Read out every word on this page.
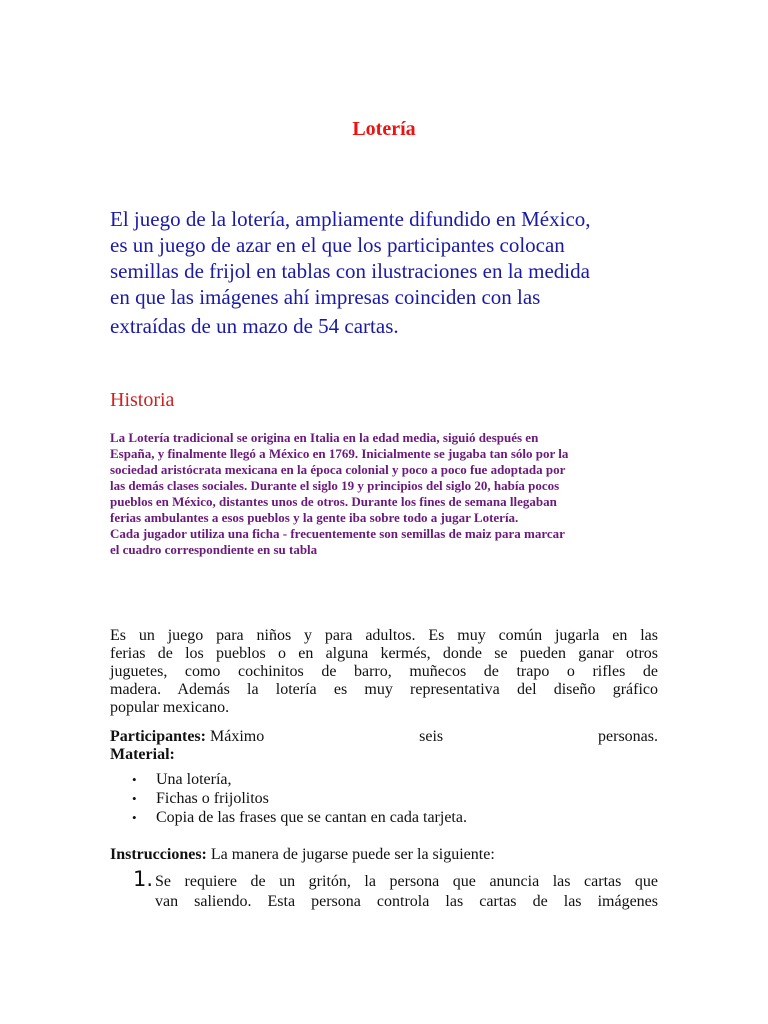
Lotería

El juego de la lotería, ampliamente difundido en México,
es un juego de azar en el que los participantes colocan
semillas de frijol en tablas con ilustraciones en la medida
en que las imágenes ahí impresas coinciden con las

extraídas de un mazo de 54 cartas.

Historia

La Lotería tradicional se origina en Italia en la edad media, siguió después en
España, y finalmente llegó a México en 1769. Inicialmente se jugaba tan sólo por la
sociedad aristócrata mexicana en la época colonial y poco a poco fue adoptada por
las demás clases sociales. Durante el siglo 19 y principios del siglo 20, había pocos
pueblos en México, distantes unos de otros. Durante los fines de semana llegaban
ferias ambulantes a esos pueblos y la gente iba sobre todo a jugar Lotería.
Cada jugador utiliza una ficha - frecuentemente son semillas de maiz para marcar
el cuadro correspondiente en su tabla

Es un juego para niños y para adultos. Es muy común jugarla en las
ferias de los pueblos o en alguna kermés, donde se pueden ganar otros
juguetes, como cochinitos de barro, muñecos de trapo o rifles de
madera. Además la lotería es muy representativa del diseño gráfico
popular mexicano.

Participantes: Máximo	seis	personas.

Material:

• Una lotería,
• Fichas o frijolitos
• Copia de las frases que se cantan en cada tarjeta.

Instrucciones: La manera de jugarse puede ser la siguiente:

1. Se requiere de un gritón, la persona que anuncia las cartas que
van saliendo. Esta persona controla las cartas de las imágenes
